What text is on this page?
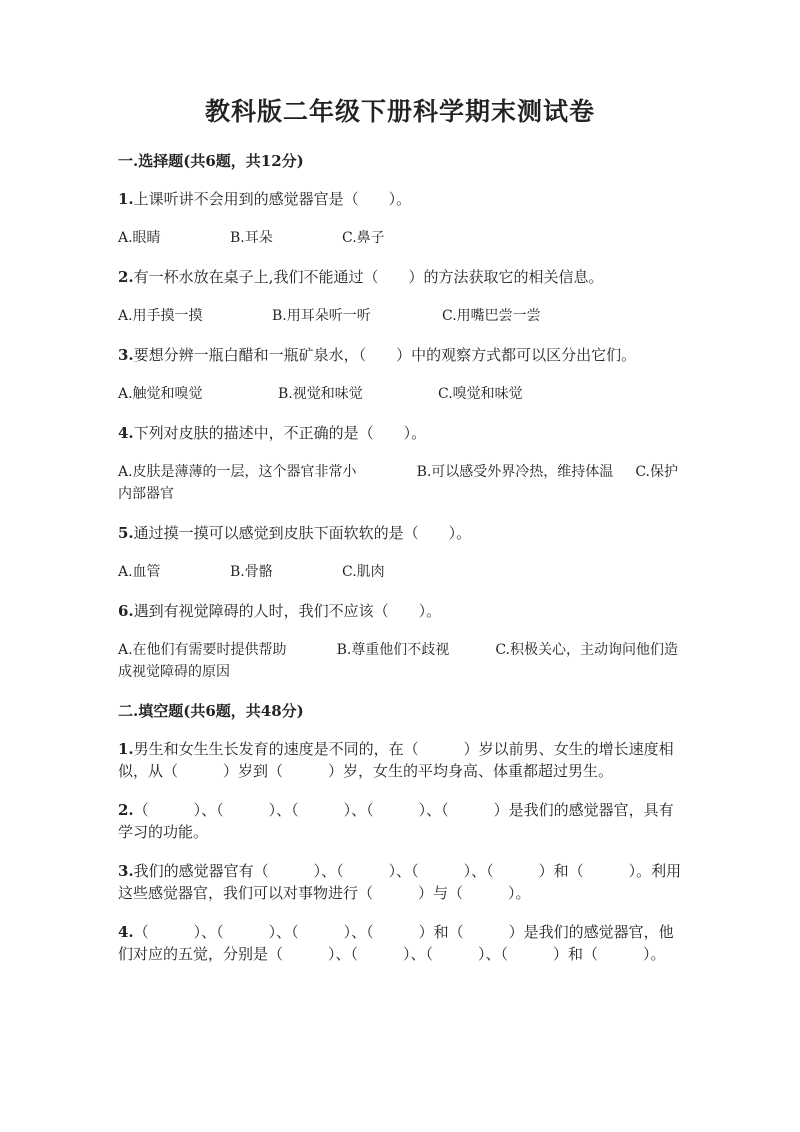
教科版二年级下册科学期末测试卷
一.选择题(共6题，共12分)
1.上课听讲不会用到的感觉器官是（　　）。
A.眼睛	B.耳朵	C.鼻子
2.有一杯水放在桌子上,我们不能通过（　　）的方法获取它的相关信息。
A.用手摸一摸	B.用耳朵听一听	C.用嘴巴尝一尝
3.要想分辨一瓶白醋和一瓶矿泉水，（　　）中的观察方式都可以区分出它们。
A.触觉和嗅觉	B.视觉和味觉	C.嗅觉和味觉
4.下列对皮肤的描述中，不正确的是（　　）。
A.皮肤是薄薄的一层，这个器官非常小	B.可以感受外界冷热，维持体温 C.保护内部器官
5.通过摸一摸可以感觉到皮肤下面软软的是（　　）。
A.血管	B.骨骼	C.肌肉
6.遇到有视觉障碍的人时，我们不应该（　　）。
A.在他们有需要时提供帮助	B.尊重他们不歧视	C.积极关心，主动询问他们造成视觉障碍的原因
二.填空题(共6题，共48分)
1.男生和女生生长发育的速度是不同的，在（　　　）岁以前男、女生的增长速度相似，从（　　　）岁到（　　　）岁，女生的平均身高、体重都超过男生。
2.（　　　）、（　　　）、（　　　）、（　　　）、（　　　）是我们的感觉器官，具有学习的功能。
3.我们的感觉器官有（　　　）、（　　　）、（　　　）、（　　　）和（　　　）。利用这些感觉器官，我们可以对事物进行（　　　）与（　　　）。
4.（　　　）、（　　　）、（　　　）、（　　　）和（　　　）是我们的感觉器官，他们对应的五觉，分别是（　　　）、（　　　）、（　　　）、（　　　）和（　　　）。
